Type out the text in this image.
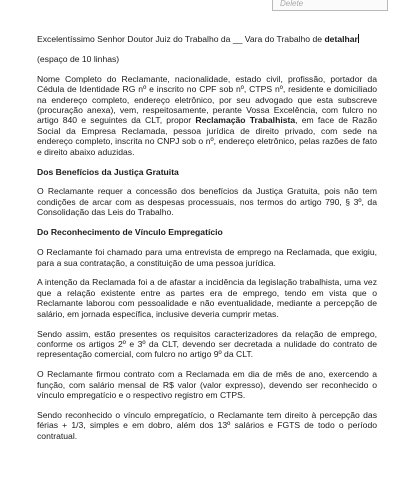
Delete

Excelentíssimo Senhor Doutor Juiz do Trabalho da __ Vara do Trabalho de detalhar

(espaço de 10 linhas)

Nome Completo do Reclamante, nacionalidade, estado civil, profissão, portador da Cédula de Identidade RG nº e inscrito no CPF sob nº, CTPS nº, residente e domiciliado na endereço completo, endereço eletrônico, por seu advogado que esta subscreve (procuração anexa), vem, respeitosamente, perante Vossa Excelência, com fulcro no artigo 840 e seguintes da CLT, propor Reclamação Trabalhista, em face de Razão Social da Empresa Reclamada, pessoa jurídica de direito privado, com sede na endereço completo, inscrita no CNPJ sob o nº, endereço eletrônico, pelas razões de fato e direito abaixo aduzidas.

Dos Benefícios da Justiça Gratuita

O Reclamante requer a concessão dos benefícios da Justiça Gratuita, pois não tem condições de arcar com as despesas processuais, nos termos do artigo 790, § 3º, da Consolidação das Leis do Trabalho.

Do Reconhecimento de Vínculo Empregatício

O Reclamante foi chamado para uma entrevista de emprego na Reclamada, que exigiu, para a sua contratação, a constituição de uma pessoa jurídica.

A intenção da Reclamada foi a de afastar a incidência da legislação trabalhista, uma vez que a relação existente entre as partes era de emprego, tendo em vista que o Reclamante laborou com pessoalidade e não eventualidade, mediante a percepção de salário, em jornada específica, inclusive deveria cumprir metas.

Sendo assim, estão presentes os requisitos caracterizadores da relação de emprego, conforme os artigos 2º e 3º da CLT, devendo ser decretada a nulidade do contrato de representação comercial, com fulcro no artigo 9º da CLT.

O Reclamante firmou contrato com a Reclamada em dia de mês de ano, exercendo a função, com salário mensal de R$ valor (valor expresso), devendo ser reconhecido o vínculo empregatício e o respectivo registro em CTPS.

Sendo reconhecido o vínculo empregatício, o Reclamante tem direito à percepção das férias + 1/3, simples e em dobro, além dos 13º salários e FGTS de todo o período contratual.
